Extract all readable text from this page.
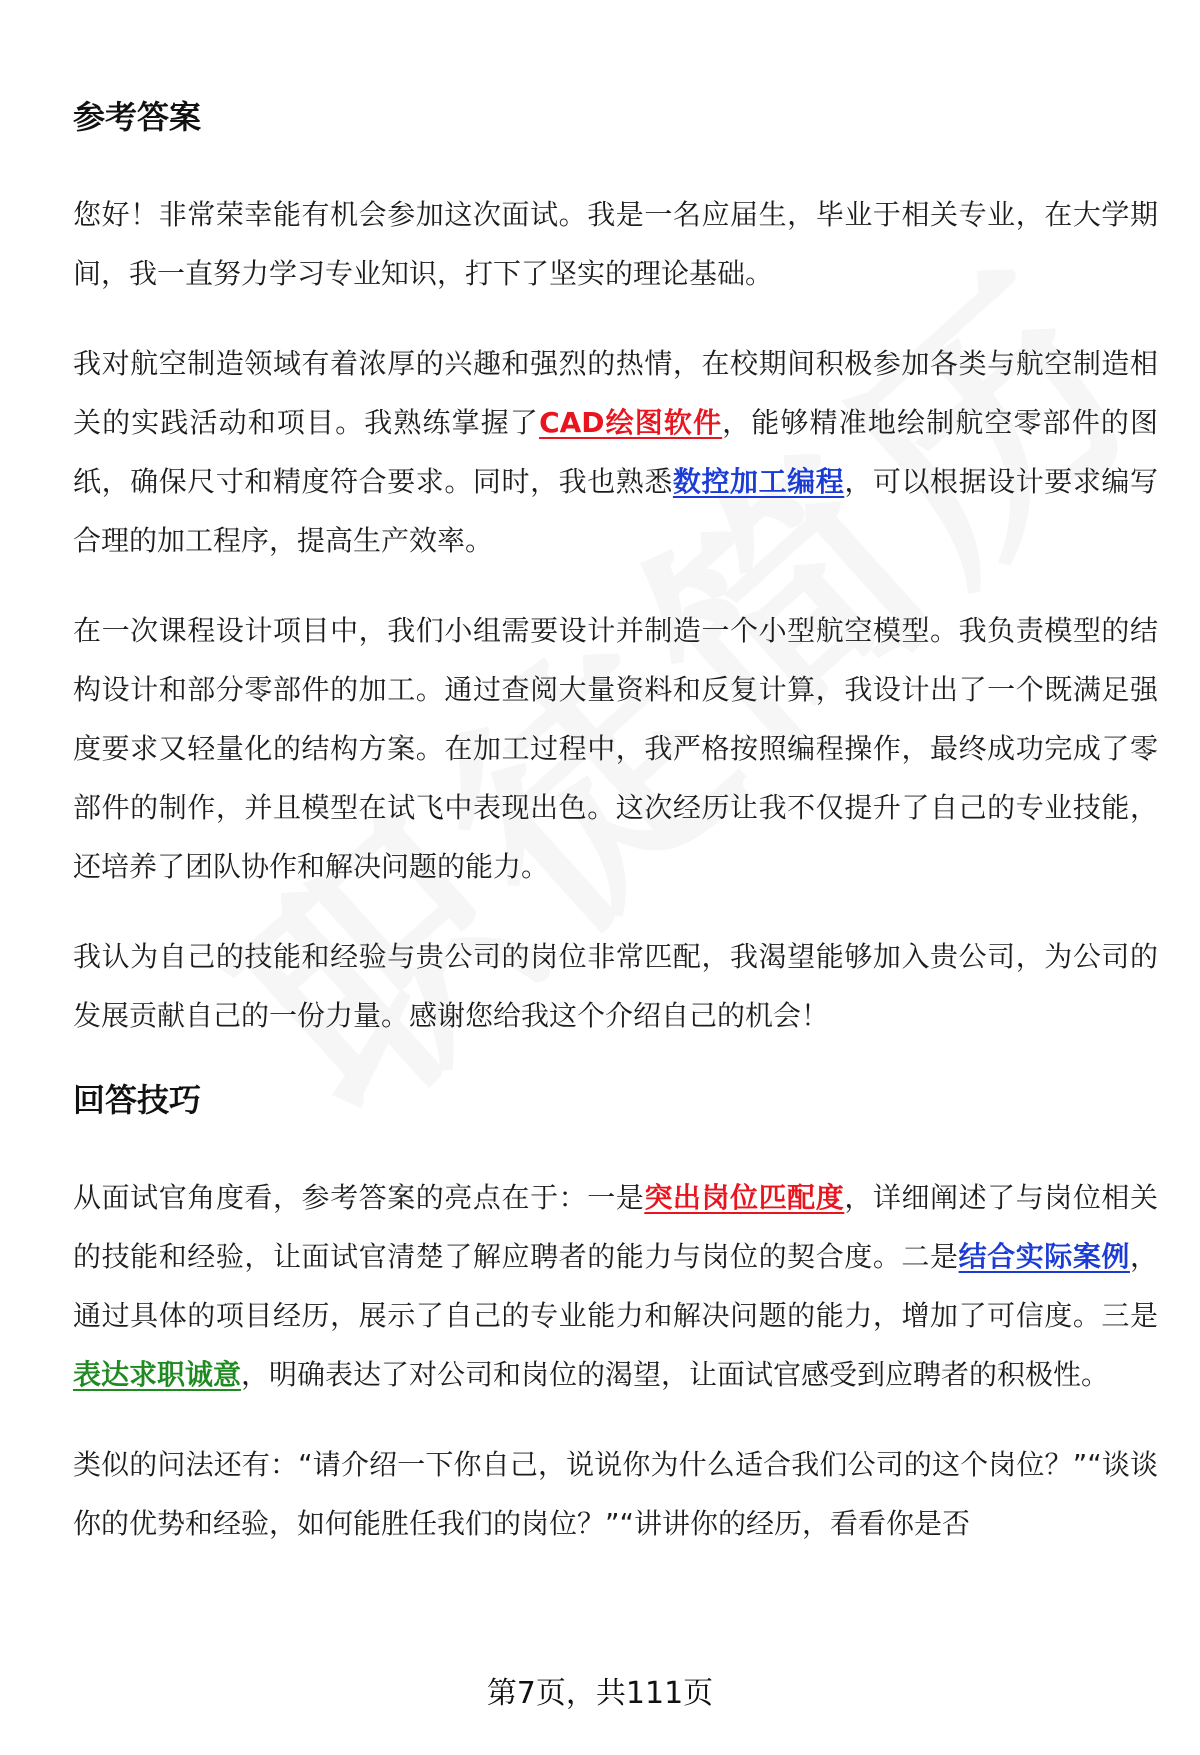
参考答案

您好！非常荣幸能有机会参加这次面试。我是一名应届生，毕业于相关专业，在大学期间，我一直努力学习专业知识，打下了坚实的理论基础。

我对航空制造领域有着浓厚的兴趣和强烈的热情，在校期间积极参加各类与航空制造相关的实践活动和项目。我熟练掌握了CAD绘图软件，能够精准地绘制航空零部件的图纸，确保尺寸和精度符合要求。同时，我也熟悉数控加工编程，可以根据设计要求编写合理的加工程序，提高生产效率。

在一次课程设计项目中，我们小组需要设计并制造一个小型航空模型。我负责模型的结构设计和部分零部件的加工。通过查阅大量资料和反复计算，我设计出了一个既满足强度要求又轻量化的结构方案。在加工过程中，我严格按照编程操作，最终成功完成了零部件的制作，并且模型在试飞中表现出色。这次经历让我不仅提升了自己的专业技能，还培养了团队协作和解决问题的能力。

我认为自己的技能和经验与贵公司的岗位非常匹配，我渴望能够加入贵公司，为公司的发展贡献自己的一份力量。感谢您给我这个介绍自己的机会！

回答技巧

从面试官角度看，参考答案的亮点在于：一是突出岗位匹配度，详细阐述了与岗位相关的技能和经验，让面试官清楚了解应聘者的能力与岗位的契合度。二是结合实际案例，通过具体的项目经历，展示了自己的专业能力和解决问题的能力，增加了可信度。三是表达求职诚意，明确表达了对公司和岗位的渴望，让面试官感受到应聘者的积极性。

类似的问法还有：“请介绍一下你自己，说说你为什么适合我们公司的这个岗位？”“谈谈你的优势和经验，如何能胜任我们的岗位？”“讲讲你的经历，看看你是否

第7页，共111页
